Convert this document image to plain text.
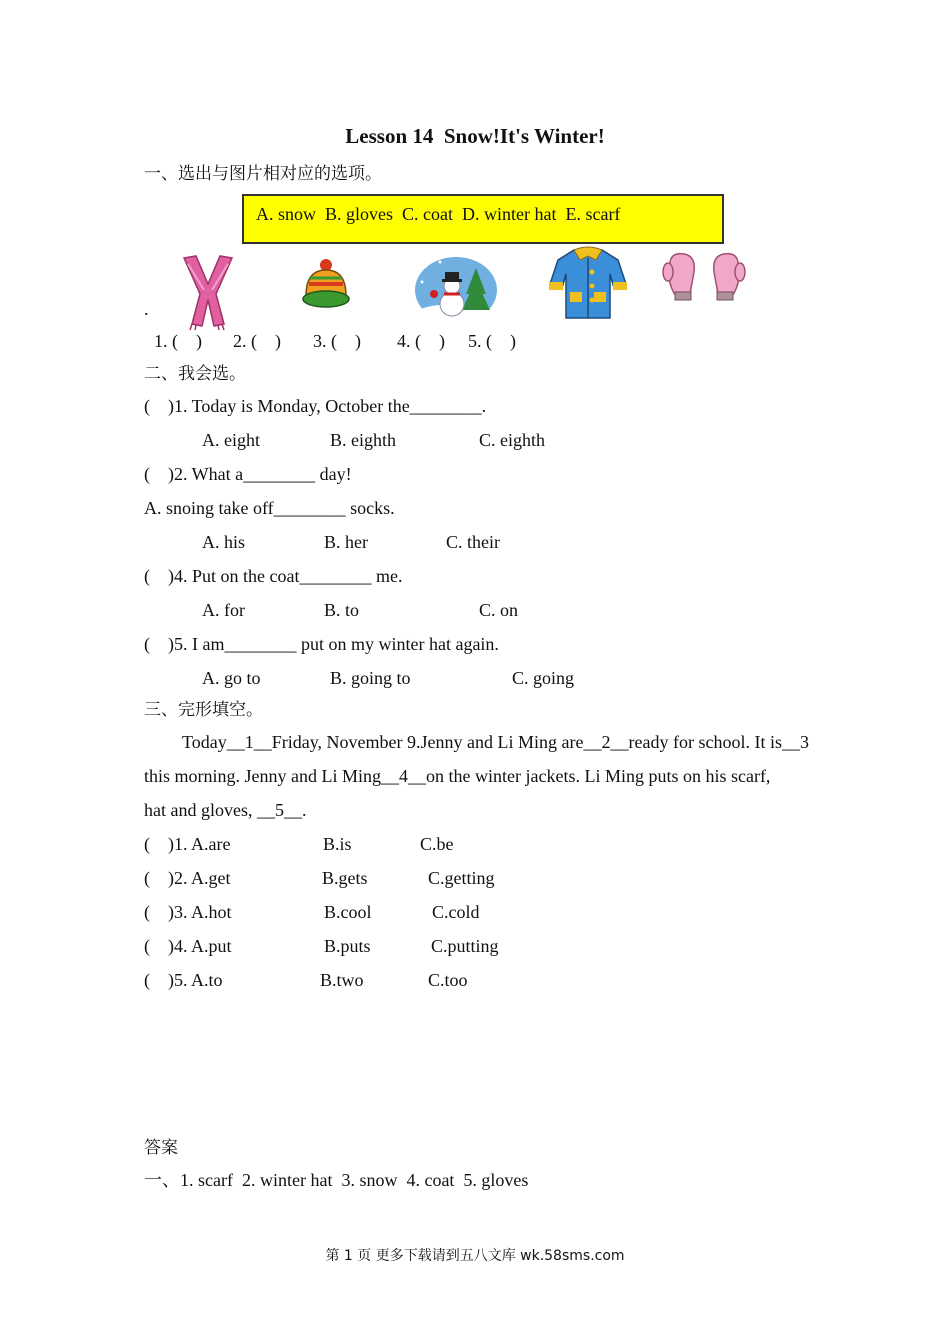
Lesson 14  Snow!It's Winter!
一、选出与图片相对应的选项。
A. snow  B. gloves  C. coat  D. winter hat  E. scarf
.
1. (    ) 2. (    ) 3. (    ) 4. (    ) 5. (    )
二、我会选。
(    )1. Today is Monday, October the________.
A. eight	B. eighth	C. eighth
(    )2. What a________ day!
A. snoing take off________ socks.
A. his	B. her	C. their
(    )4. Put on the coat________ me.
A. for	B. to	C. on
(    )5. I am________ put on my winter hat again.
A. go to	B. going to	C. going
三、完形填空。
Today__1__Friday, November 9.Jenny and Li Ming are__2__ready for school. It is__3
this morning. Jenny and Li Ming__4__on the winter jackets. Li Ming puts on his scarf,
hat and gloves, __5__.
(    )1. A.are	B.is	C.be
(    )2. A.get	B.gets	C.getting
(    )3. A.hot	B.cool	C.cold
(    )4. A.put	B.puts	C.putting
(    )5. A.to	B.two	C.too
答案
一、1. scarf  2. winter hat  3. snow  4. coat  5. gloves
第 1 页 更多下载请到五八文库 wk.58sms.com
